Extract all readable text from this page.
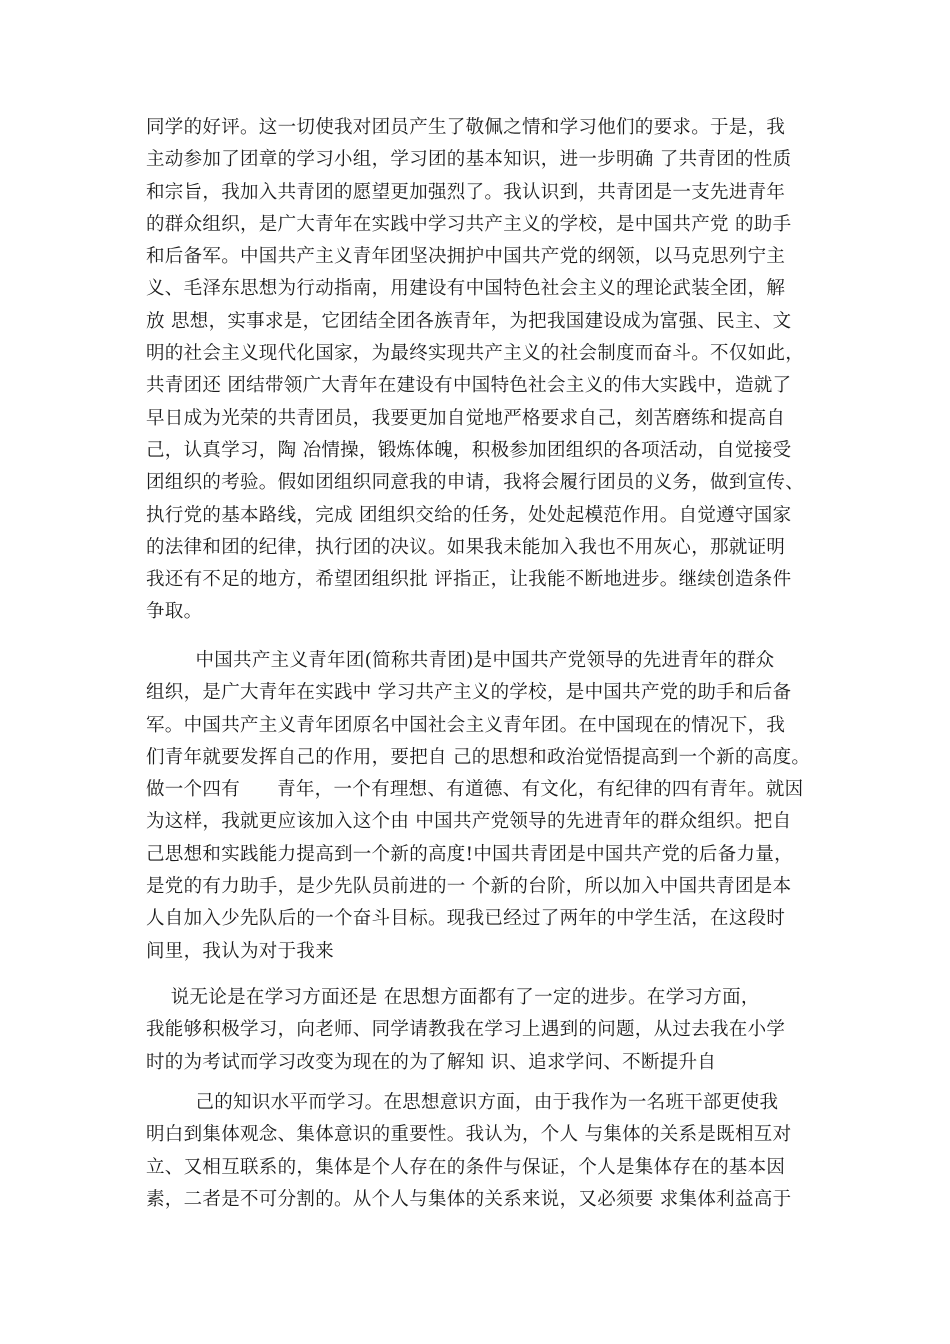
同学的好评。这一切使我对团员产生了敬佩之情和学习他们的要求。于是，我
主动参加了团章的学习小组，学习团的基本知识，进一步明确 了共青团的性质
和宗旨，我加入共青团的愿望更加强烈了。我认识到，共青团是一支先进青年
的群众组织，是广大青年在实践中学习共产主义的学校，是中国共产党 的助手
和后备军。中国共产主义青年团坚决拥护中国共产党的纲领，以马克思列宁主
义、毛泽东思想为行动指南，用建设有中国特色社会主义的理论武装全团，解
放 思想，实事求是，它团结全团各族青年，为把我国建设成为富强、民主、文
明的社会主义现代化国家，为最终实现共产主义的社会制度而奋斗。不仅如此，
共青团还 团结带领广大青年在建设有中国特色社会主义的伟大实践中，造就了
早日成为光荣的共青团员，我要更加自觉地严格要求自己，刻苦磨练和提高自
己，认真学习，陶 冶情操，锻炼体魄，积极参加团组织的各项活动，自觉接受
团组织的考验。假如团组织同意我的申请，我将会履行团员的义务，做到宣传、
执行党的基本路线，完成 团组织交给的任务，处处起模范作用。自觉遵守国家
的法律和团的纪律，执行团的决议。如果我未能加入我也不用灰心，那就证明
我还有不足的地方，希望团组织批 评指正，让我能不断地进步。继续创造条件
争取。
中国共产主义青年团(简称共青团)是中国共产党领导的先进青年的群众
组织，是广大青年在实践中 学习共产主义的学校，是中国共产党的助手和后备
军。中国共产主义青年团原名中国社会主义青年团。在中国现在的情况下，我
们青年就要发挥自己的作用，要把自 己的思想和政治觉悟提高到一个新的高度。
做一个四有      青年，一个有理想、有道德、有文化，有纪律的四有青年。就因
为这样，我就更应该加入这个由 中国共产党领导的先进青年的群众组织。把自
己思想和实践能力提高到一个新的高度!中国共青团是中国共产党的后备力量，
是党的有力助手，是少先队员前进的一 个新的台阶，所以加入中国共青团是本
人自加入少先队后的一个奋斗目标。现我已经过了两年的中学生活，在这段时
间里，我认为对于我来
说无论是在学习方面还是 在思想方面都有了一定的进步。在学习方面，
我能够积极学习，向老师、同学请教我在学习上遇到的问题，从过去我在小学
时的为考试而学习改变为现在的为了解知 识、追求学问、不断提升自
己的知识水平而学习。在思想意识方面，由于我作为一名班干部更使我
明白到集体观念、集体意识的重要性。我认为，个人 与集体的关系是既相互对
立、又相互联系的，集体是个人存在的条件与保证，个人是集体存在的基本因
素，二者是不可分割的。从个人与集体的关系来说，又必须要 求集体利益高于
